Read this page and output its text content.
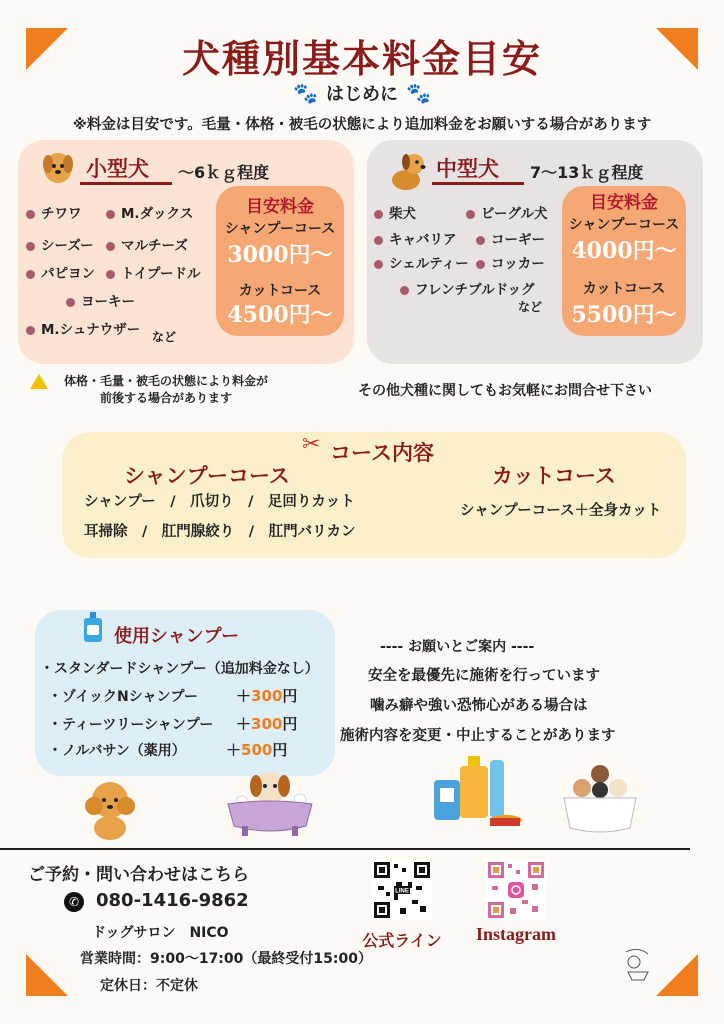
犬種別基本料金目安
🐾 はじめに 🐾
※料金は目安です。毛量・体格・被毛の状態により追加料金をお願いする場合があります
小型犬 〜6ｋｇ程度
チワワ	M.ダックス
シーズー	マルチーズ
パピヨン	トイプードル
ヨーキー
M.シュナウザー など
目安料金
シャンプーコース
3000円〜
カットコース
4500円〜
中型犬 7〜13ｋｇ程度
柴犬	ビーグル犬
キャバリア	コーギー
シェルティー	コッカー
フレンチブルドッグ
など
目安料金
シャンプーコース
4000円〜
カットコース
5500円〜
体格・毛量・被毛の状態により料金が
前後する場合があります	その他犬種に関してもお気軽にお問合せ下さい
✂ コース内容
シャンプーコース
シャンプー　/　爪切り　/　足回りカット
耳掃除　/　肛門腺絞り　/　肛門バリカン
カットコース
シャンプーコース＋全身カット
使用シャンプー
・スタンダードシャンプー（追加料金なし）
・ゾイックNシャンプー	＋300円
・ティーツリーシャンプー ＋300円
・ノルバサン（薬用）	＋500円
---- お願いとご案内 ----
安全を最優先に施術を行っています
噛み癖や強い恐怖心がある場合は
施術内容を変更・中止することがあります
ご予約・問い合わせはこちら
✆ 080-1416-9862
ドッグサロン　NICO
営業時間：9:00〜17:00（最終受付15:00）
定休日：不定休
LINE
公式ライン	Instagram
